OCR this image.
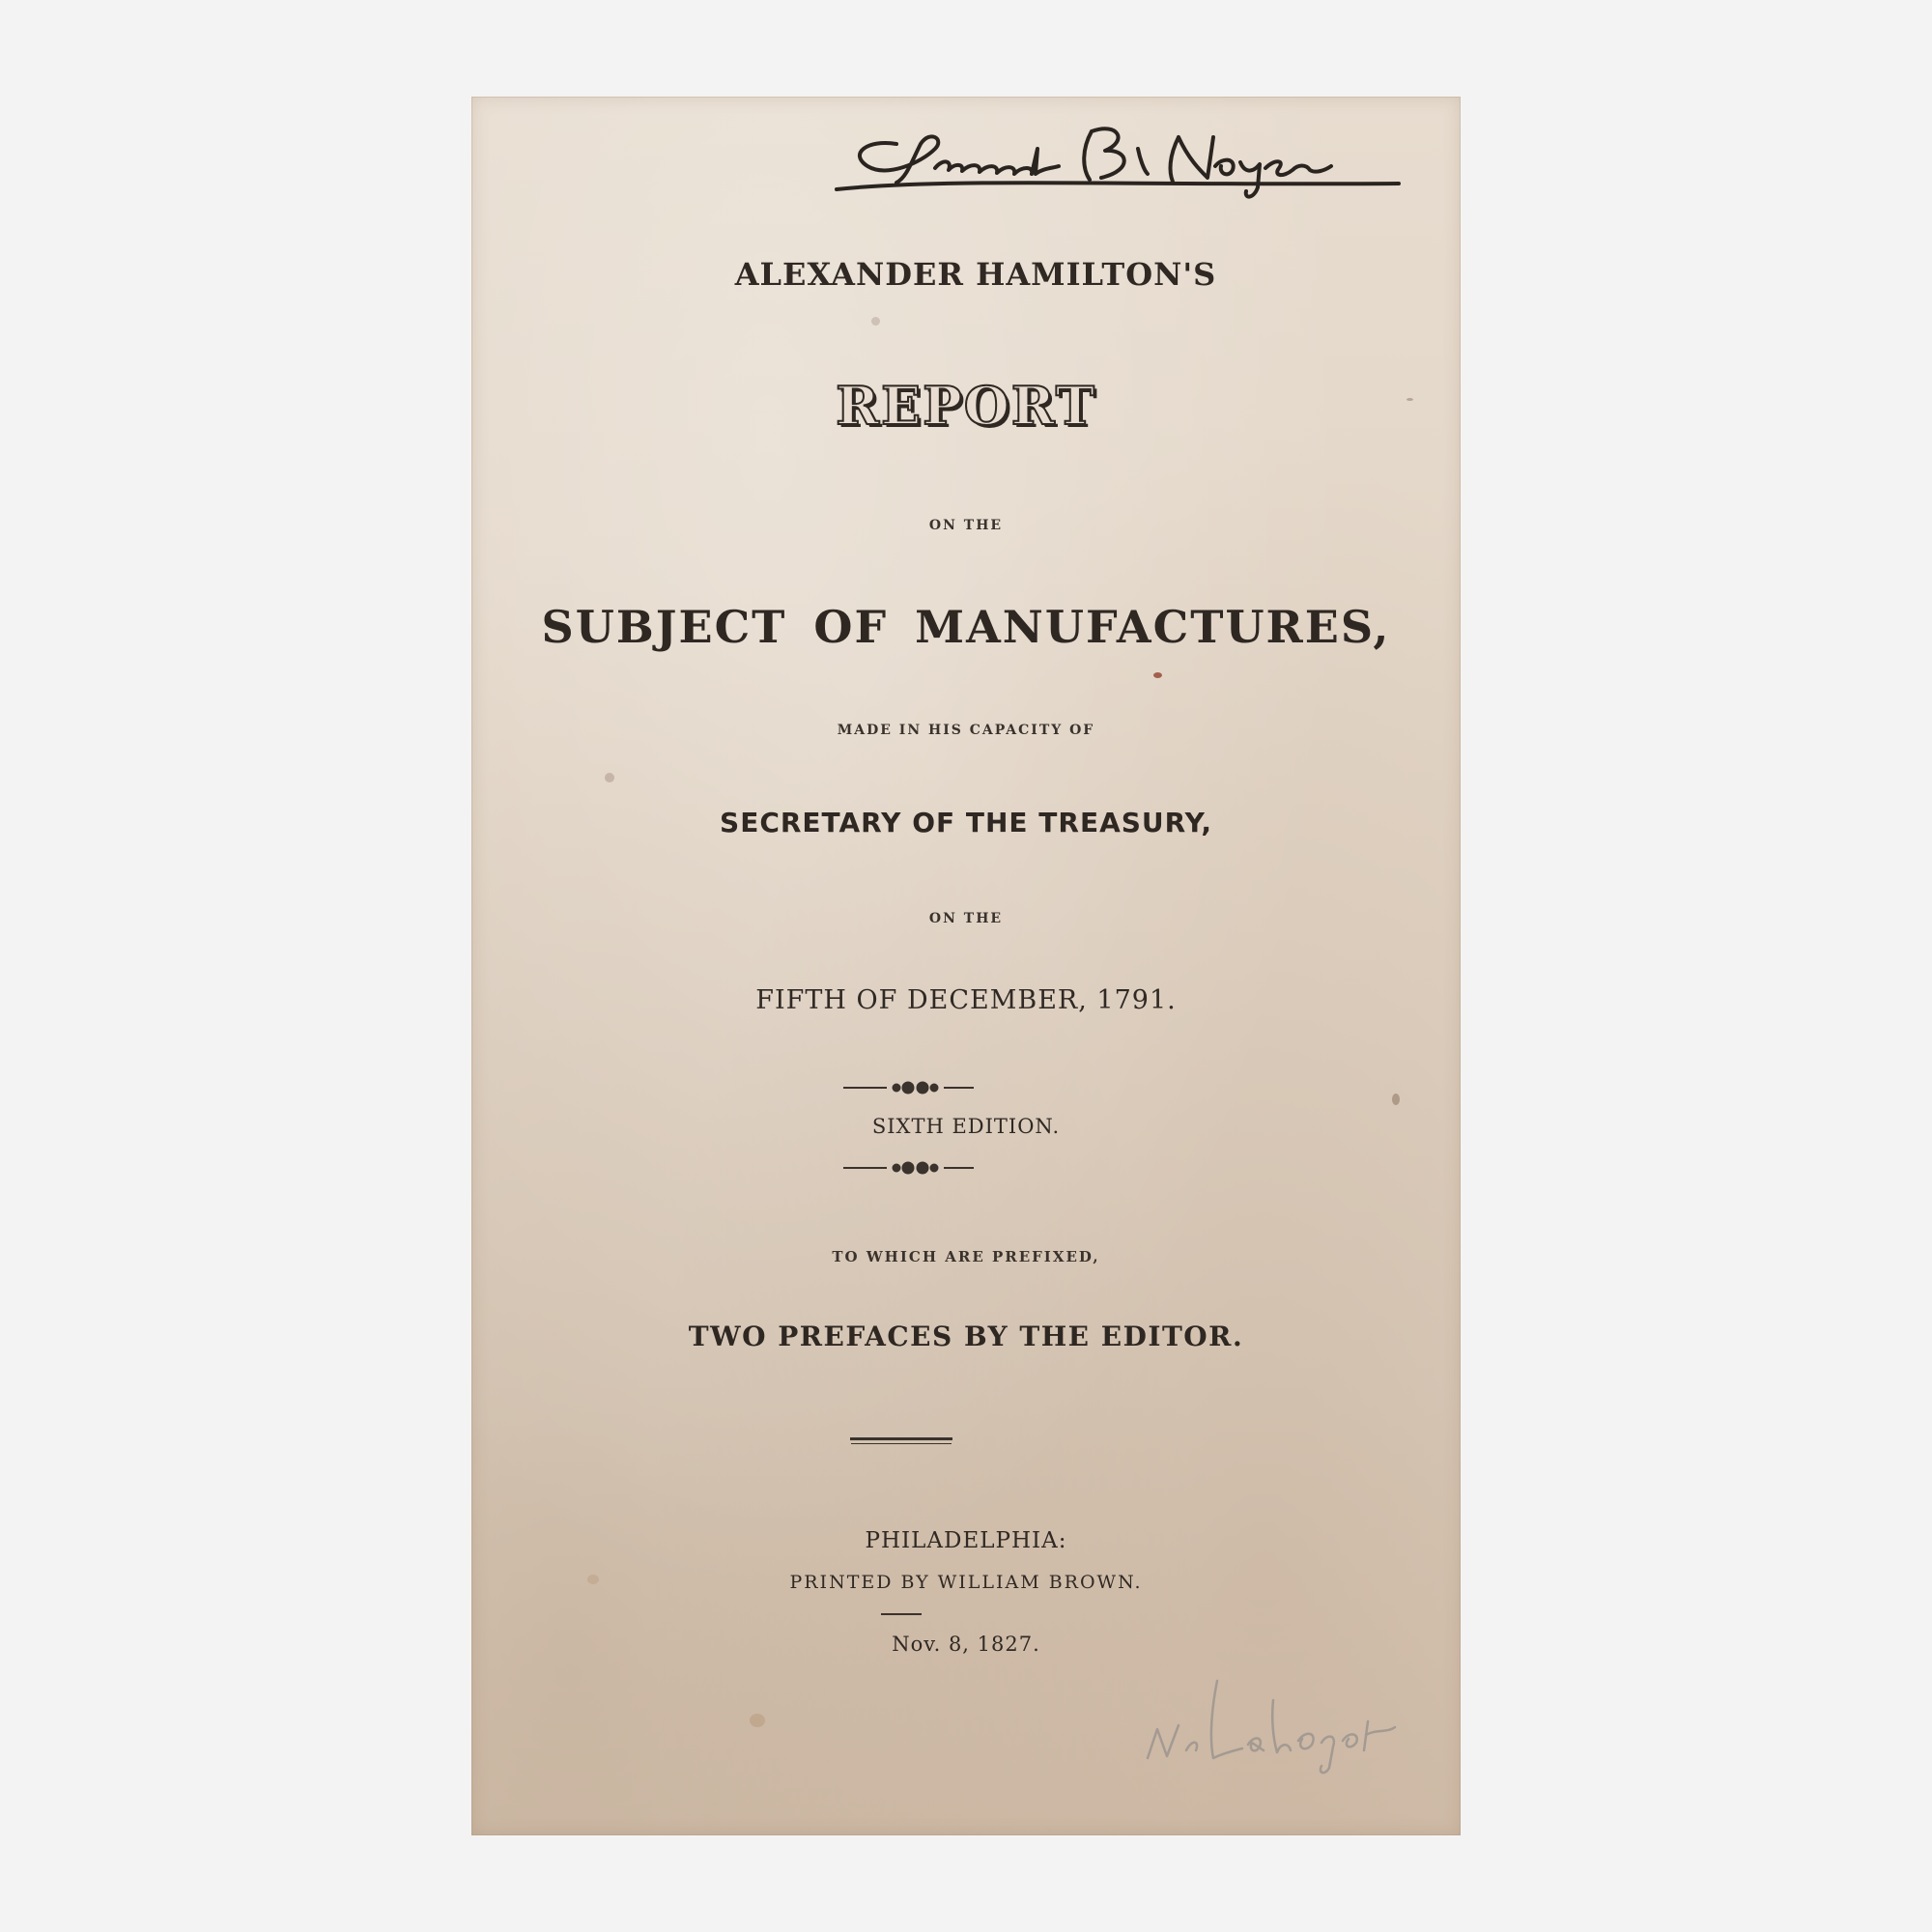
ALEXANDER HAMILTON'S
REPORT
ON THE
SUBJECT OF MANUFACTURES,
MADE IN HIS CAPACITY OF
SECRETARY OF THE TREASURY,
ON THE
FIFTH OF DECEMBER, 1791.
SIXTH EDITION.
TO WHICH ARE PREFIXED,
TWO PREFACES BY THE EDITOR.
PHILADELPHIA:
PRINTED BY WILLIAM BROWN.
Nov. 8, 1827.
